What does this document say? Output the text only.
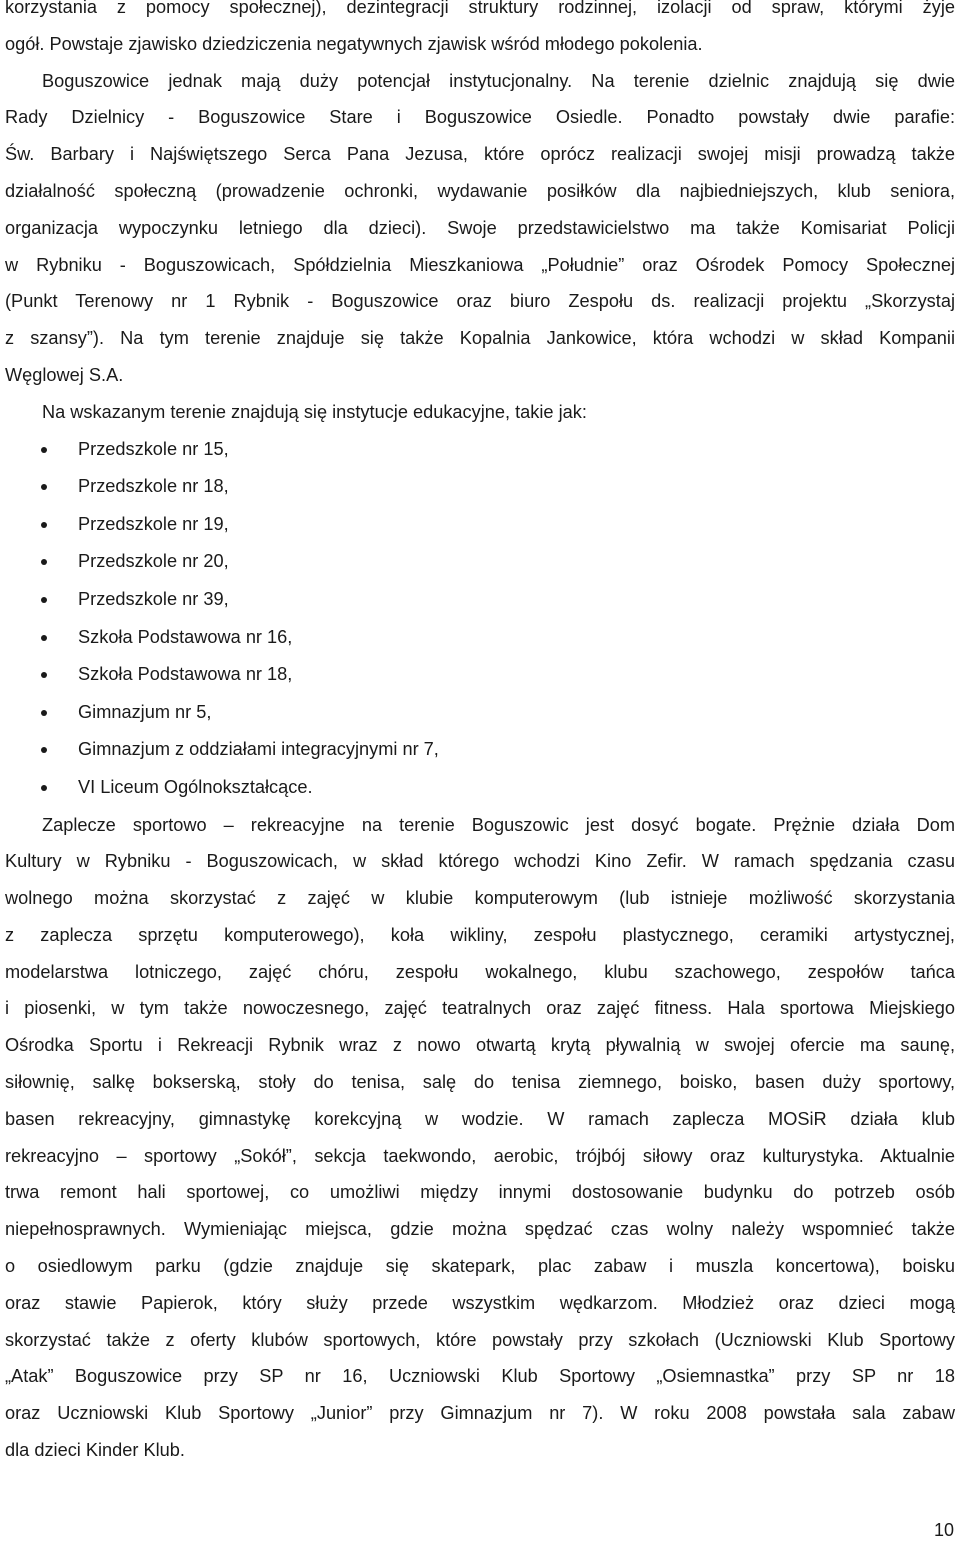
korzystania z pomocy społecznej), dezintegracji struktury rodzinnej, izolacji od spraw, którymi żyje
ogół. Powstaje zjawisko dziedziczenia negatywnych zjawisk wśród młodego pokolenia.
Boguszowice jednak mają duży potencjał instytucjonalny. Na terenie dzielnic znajdują się dwie
Rady Dzielnicy - Boguszowice Stare i Boguszowice Osiedle. Ponadto powstały dwie parafie:
Św. Barbary i Najświętszego Serca Pana Jezusa, które oprócz realizacji swojej misji prowadzą także
działalność społeczną (prowadzenie ochronki, wydawanie posiłków dla najbiedniejszych, klub seniora,
organizacja wypoczynku letniego dla dzieci). Swoje przedstawicielstwo ma także Komisariat Policji
w Rybniku - Boguszowicach, Spółdzielnia Mieszkaniowa „Południe” oraz Ośrodek Pomocy Społecznej
(Punkt Terenowy nr 1 Rybnik - Boguszowice oraz biuro Zespołu ds. realizacji projektu „Skorzystaj
z szansy”). Na tym terenie znajduje się także Kopalnia Jankowice, która wchodzi w skład Kompanii
Węglowej S.A.
Na wskazanym terenie znajdują się instytucje edukacyjne, takie jak:
Przedszkole nr 15,
Przedszkole nr 18,
Przedszkole nr 19,
Przedszkole nr 20,
Przedszkole nr 39,
Szkoła Podstawowa nr 16,
Szkoła Podstawowa nr 18,
Gimnazjum nr 5,
Gimnazjum z oddziałami integracyjnymi nr 7,
VI Liceum Ogólnokształcące.
Zaplecze sportowo – rekreacyjne na terenie Boguszowic jest dosyć bogate. Prężnie działa Dom
Kultury w Rybniku - Boguszowicach, w skład którego wchodzi Kino Zefir. W ramach spędzania czasu
wolnego można skorzystać z zajęć w klubie komputerowym (lub istnieje możliwość skorzystania
z zaplecza sprzętu komputerowego), koła wikliny, zespołu plastycznego, ceramiki artystycznej,
modelarstwa lotniczego, zajęć chóru, zespołu wokalnego, klubu szachowego, zespołów tańca
i piosenki, w tym także nowoczesnego, zajęć teatralnych oraz zajęć fitness. Hala sportowa Miejskiego
Ośrodka Sportu i Rekreacji Rybnik wraz z nowo otwartą krytą pływalnią w swojej ofercie ma saunę,
siłownię, salkę bokserską, stoły do tenisa, salę do tenisa ziemnego, boisko, basen duży sportowy,
basen rekreacyjny, gimnastykę korekcyjną w wodzie. W ramach zaplecza MOSiR działa klub
rekreacyjno – sportowy „Sokół”, sekcja taekwondo, aerobic, trójbój siłowy oraz kulturystyka. Aktualnie
trwa remont hali sportowej, co umożliwi między innymi dostosowanie budynku do potrzeb osób
niepełnosprawnych. Wymieniając miejsca, gdzie można spędzać czas wolny należy wspomnieć także
o osiedlowym parku (gdzie znajduje się skatepark, plac zabaw i muszla koncertowa), boisku
oraz stawie Papierok, który służy przede wszystkim wędkarzom. Młodzież oraz dzieci mogą
skorzystać także z oferty klubów sportowych, które powstały przy szkołach (Uczniowski Klub Sportowy
„Atak” Boguszowice przy SP nr 16, Uczniowski Klub Sportowy „Osiemnastka” przy SP nr 18
oraz Uczniowski Klub Sportowy „Junior” przy Gimnazjum nr 7). W roku 2008 powstała sala zabaw
dla dzieci Kinder Klub.
10
